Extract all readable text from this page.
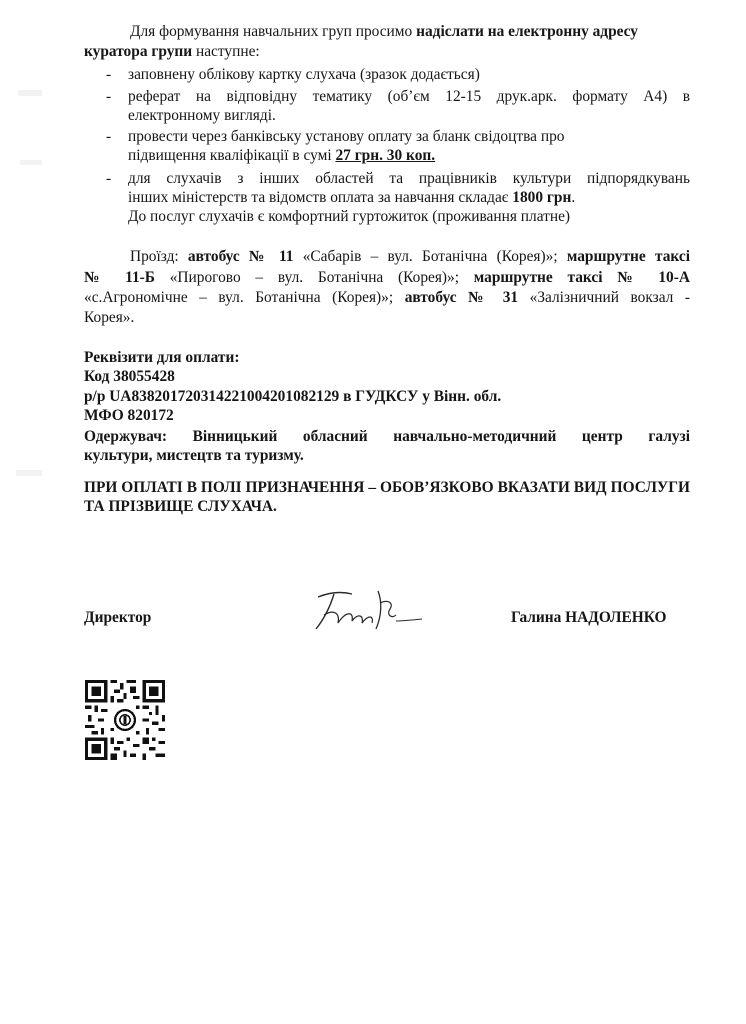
Для формування навчальних груп просимо надіслати на електронну адресу
куратора групи наступне:
- заповнену облікову картку слухача (зразок додається)
- реферат на відповідну тематику (об’єм 12-15 друк.арк. формату А4) в
електронному вигляді.
- провести через банківську установу оплату за бланк свідоцтва про
підвищення кваліфікації в сумі 27 грн. 30 коп.
- для слухачів з інших областей та працівників культури підпорядкувань
інших міністерств та відомств оплата за навчання складає 1800 грн.
До послуг слухачів є комфортний гуртожиток (проживання платне)
Проїзд: автобус № 11 «Сабарів – вул. Ботанічна (Корея)»; маршрутне таксі
№ 11-Б «Пирогово – вул. Ботанічна (Корея)»; маршрутне таксі № 10-А
«с.Агрономічне – вул. Ботанічна (Корея)»; автобус № 31 «Залізничний вокзал -
Корея».
Реквізити для оплати:
Код 38055428
р/р UA838201720314221004201082129 в ГУДКСУ у Вінн. обл.
МФО 820172
Одержувач: Вінницький обласний навчально-методичний центр галузі
культури, мистецтв та туризму.
ПРИ ОПЛАТІ В ПОЛІ ПРИЗНАЧЕННЯ – ОБОВ’ЯЗКОВО ВКАЗАТИ ВИД ПОСЛУГИ
ТА ПРІЗВИЩЕ СЛУХАЧА.
Директор	Галина НАДОЛЕНКО
